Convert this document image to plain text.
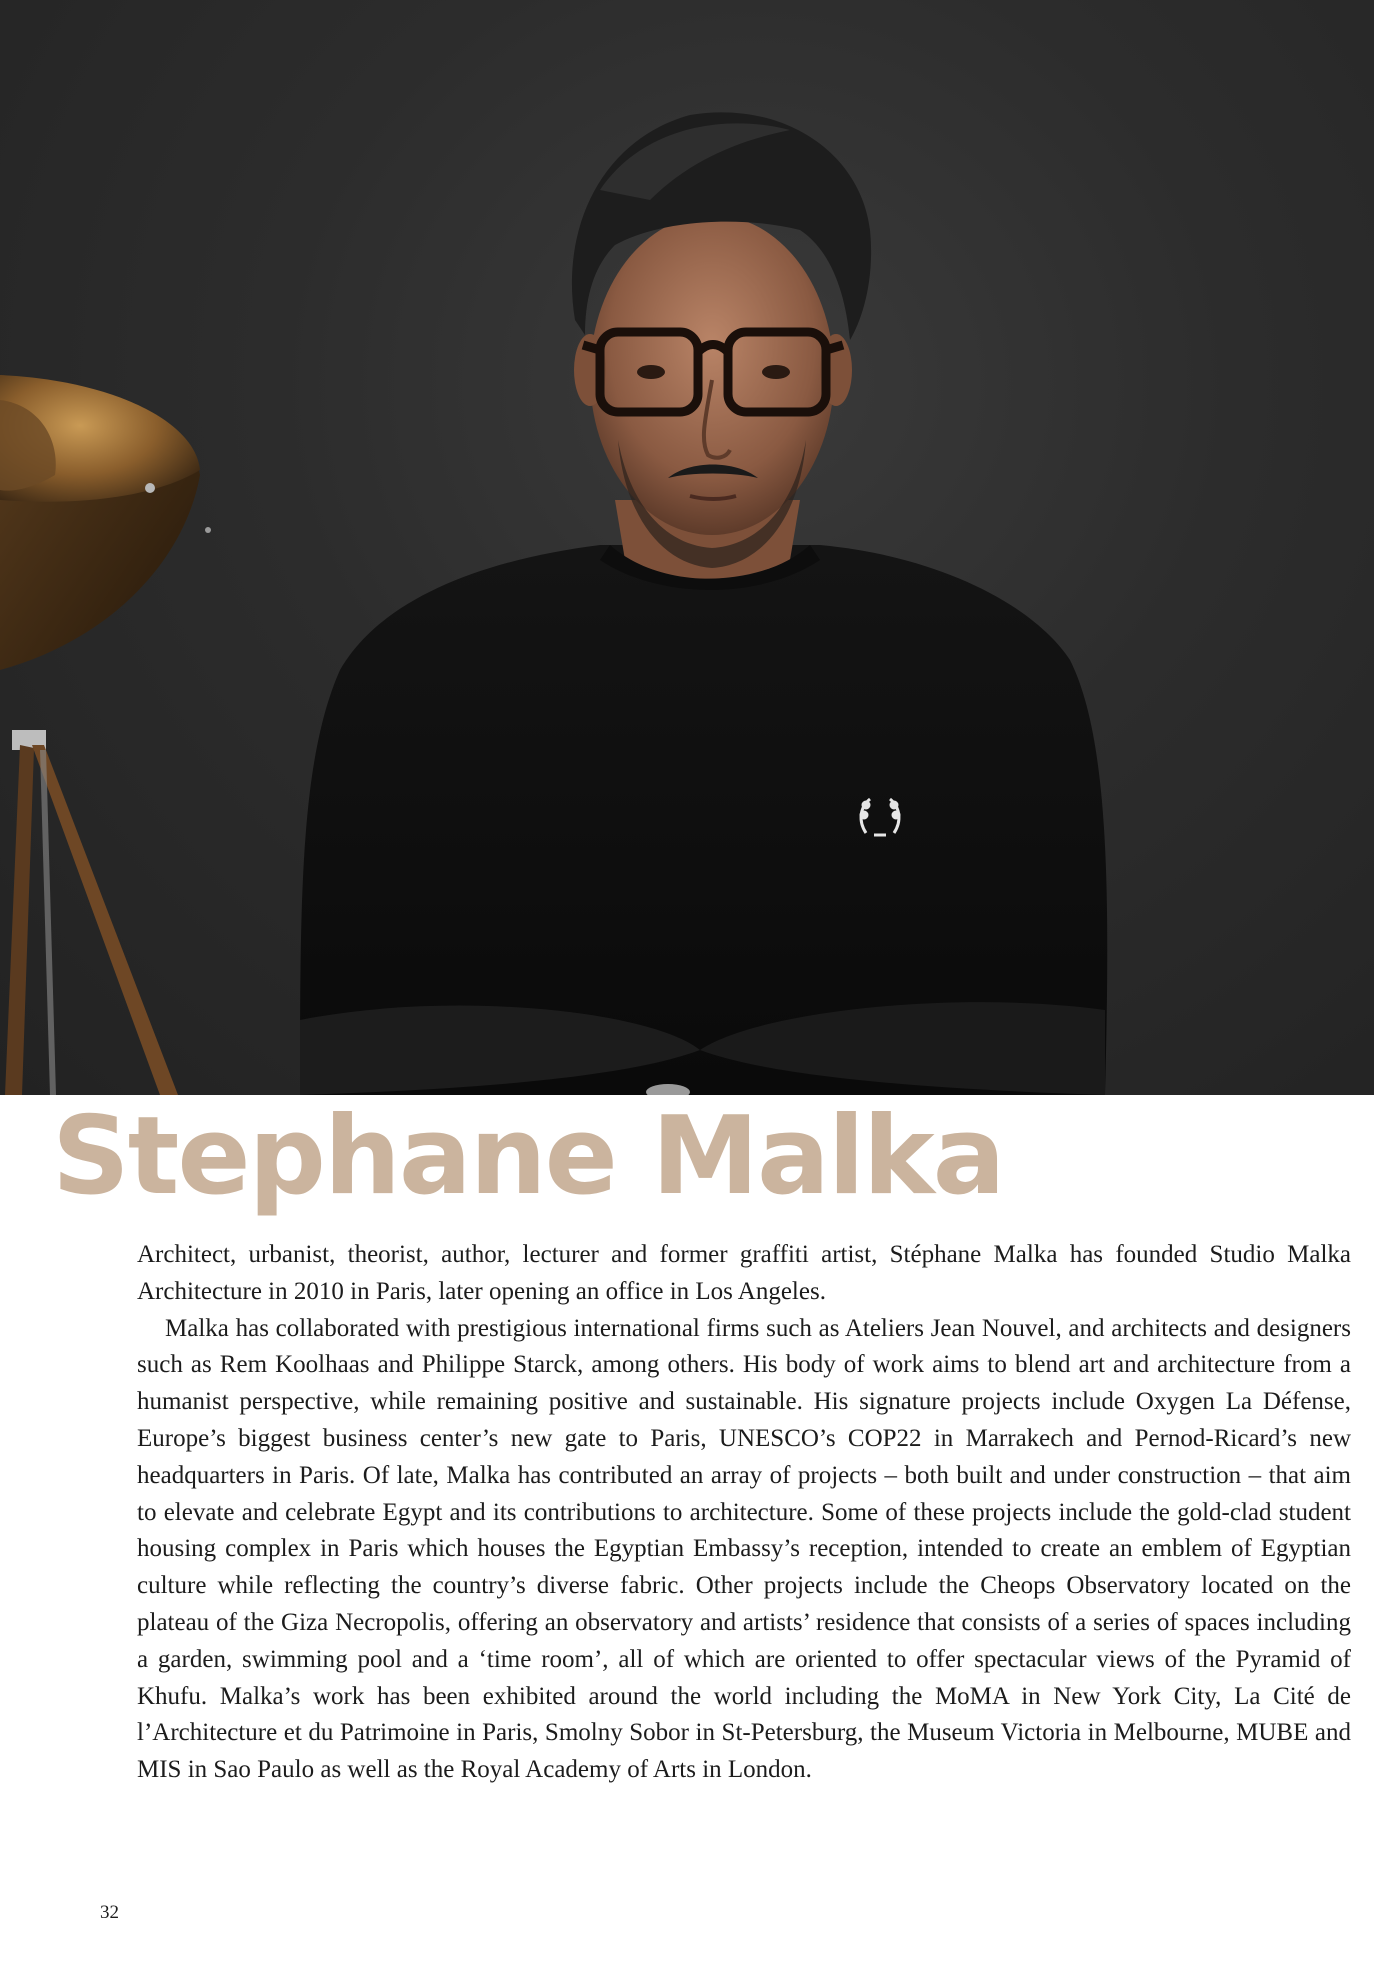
Stephane Malka

Architect, urbanist, theorist, author, lecturer and former graffiti artist, Stéphane Malka has founded Studio Malka Architecture in 2010 in Paris, later opening an office in Los Angeles.

Malka has collaborated with prestigious international firms such as Ateliers Jean Nouvel, and architects and designers such as Rem Koolhaas and Philippe Starck, among others. His body of work aims to blend art and architecture from a humanist perspective, while remaining positive and sustainable. His signature projects include Oxygen La Défense, Europe’s biggest business center’s new gate to Paris, UNESCO’s COP22 in Marrakech and Pernod-Ricard’s new headquarters in Paris. Of late, Malka has contributed an array of projects – both built and under construction – that aim to elevate and celebrate Egypt and its contributions to architecture. Some of these projects include the gold-clad student housing complex in Paris which houses the Egyptian Embassy’s reception, intended to create an emblem of Egyptian culture while reflecting the country’s diverse fabric. Other projects include the Cheops Observatory located on the plateau of the Giza Necropolis, offering an observatory and artists’ residence that consists of a series of spaces including a garden, swimming pool and a ‘time room’, all of which are oriented to offer spectacular views of the Pyramid of Khufu. Malka’s work has been exhibited around the world including the MoMA in New York City, La Cité de l’Architecture et du Patrimoine in Paris, Smolny Sobor in St-Petersburg, the Museum Victoria in Melbourne, MUBE and MIS in Sao Paulo as well as the Royal Academy of Arts in London.

32
